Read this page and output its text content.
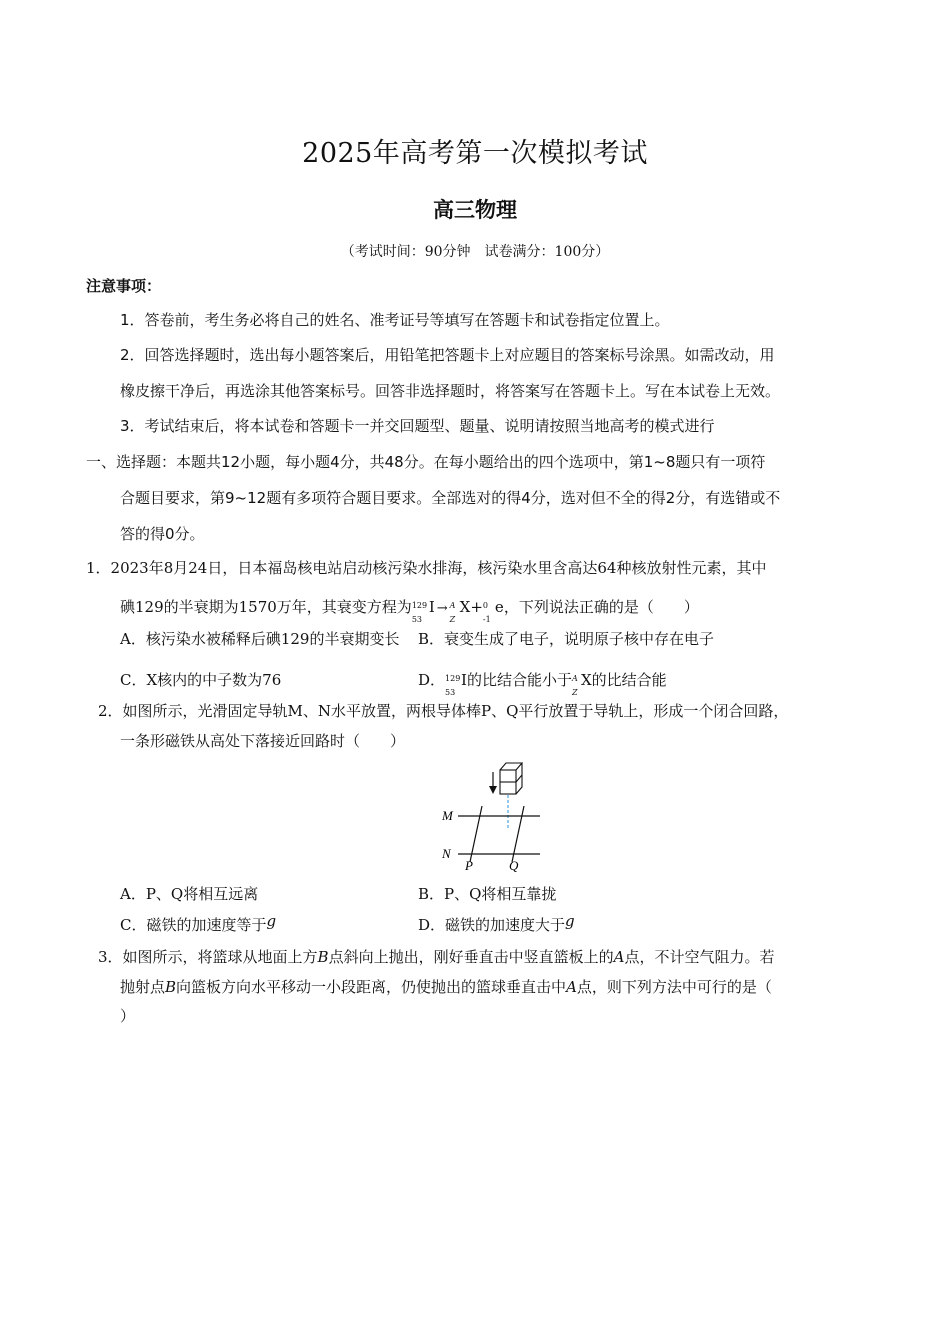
2025年高考第一次模拟考试
高三物理
（考试时间：90分钟　试卷满分：100分）
注意事项：
1．答卷前，考生务必将自己的姓名、准考证号等填写在答题卡和试卷指定位置上。
2．回答选择题时，选出每小题答案后，用铅笔把答题卡上对应题目的答案标号涂黑。如需改动，用
橡皮擦干净后，再选涂其他答案标号。回答非选择题时，将答案写在答题卡上。写在本试卷上无效。
3．考试结束后，将本试卷和答题卡一并交回题型、题量、说明请按照当地高考的模式进行
一、选择题：本题共12小题，每小题4分，共48分。在每小题给出的四个选项中，第1~8题只有一项符
合题目要求，第9~12题有多项符合题目要求。全部选对的得4分，选对但不全的得2分，有选错或不
答的得0分。
1．2023年8月24日，日本福岛核电站启动核污染水排海，核污染水里含高达64种核放射性元素，其中
碘129的半衰期为1570万年，其衰变方程为 129
53
I → A
Z
X+ 0
-1
e，下列说法正确的是（　　）
A．核污染水被稀释后碘129的半衰期变长 B．衰变生成了电子，说明原子核中存在电子
C．X核内的中子数为76	D． 129
53
I的比结合能小于 A
Z
X的比结合能
2．如图所示，光滑固定导轨M、N水平放置，两根导体棒P、Q平行放置于导轨上，形成一个闭合回路，
一条形磁铁从高处下落接近回路时（　　）
M
N
P	Q
A．P、Q将相互远离	B．P、Q将相互靠拢
C．磁铁的加速度等于g	D．磁铁的加速度大于g
3．如图所示，将篮球从地面上方B点斜向上抛出，刚好垂直击中竖直篮板上的A点，不计空气阻力。若
抛射点B向篮板方向水平移动一小段距离，仍使抛出的篮球垂直击中A点，则下列方法中可行的是（
）
